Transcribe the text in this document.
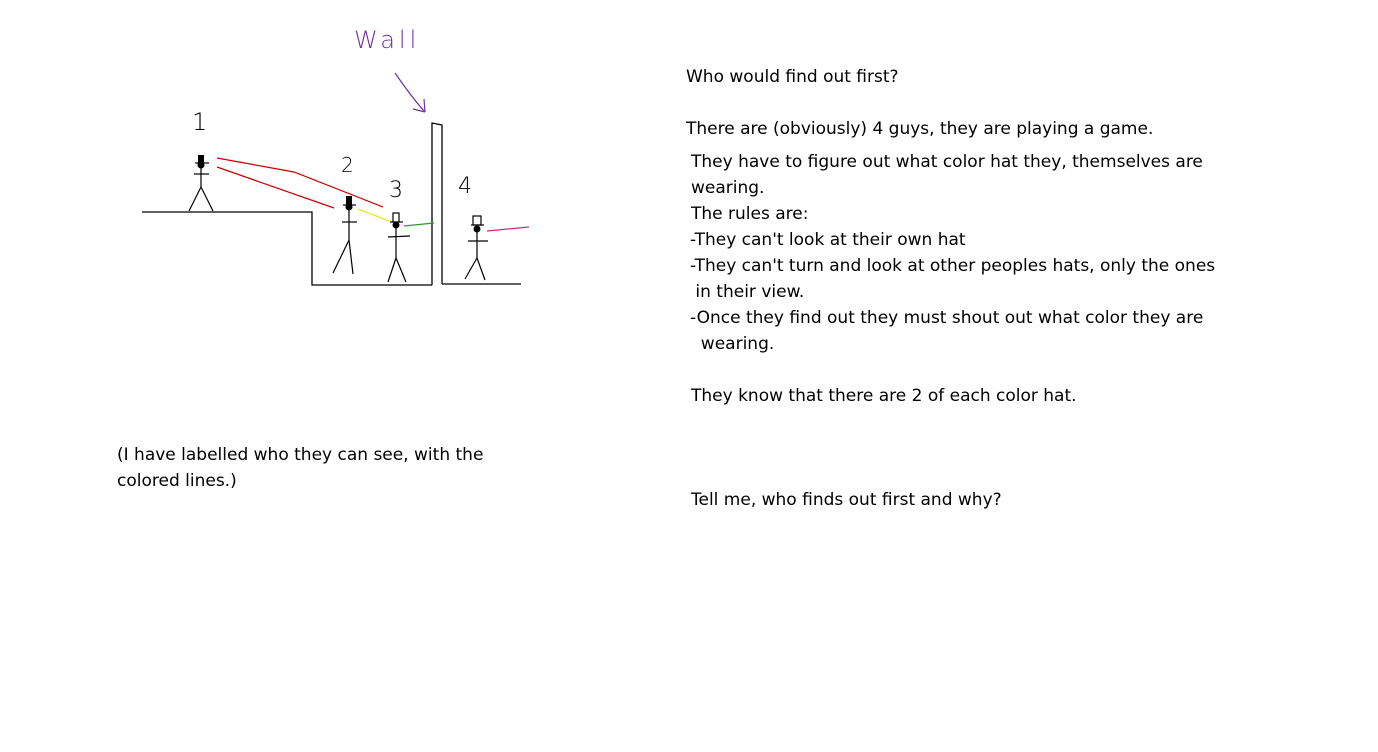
Wall
1
2
3	4
(I have labelled who they can see, with the
colored lines.)
Who would find out first?
There are (obviously) 4 guys, they are playing a game.
They have to figure out what color hat they, themselves are
wearing.
The rules are:
-They can't look at their own hat
-They can't turn and look at other peoples hats, only the ones
in their view.
-Once they find out they must shout out what color they are
wearing.
They know that there are 2 of each color hat.
Tell me, who finds out first and why?
